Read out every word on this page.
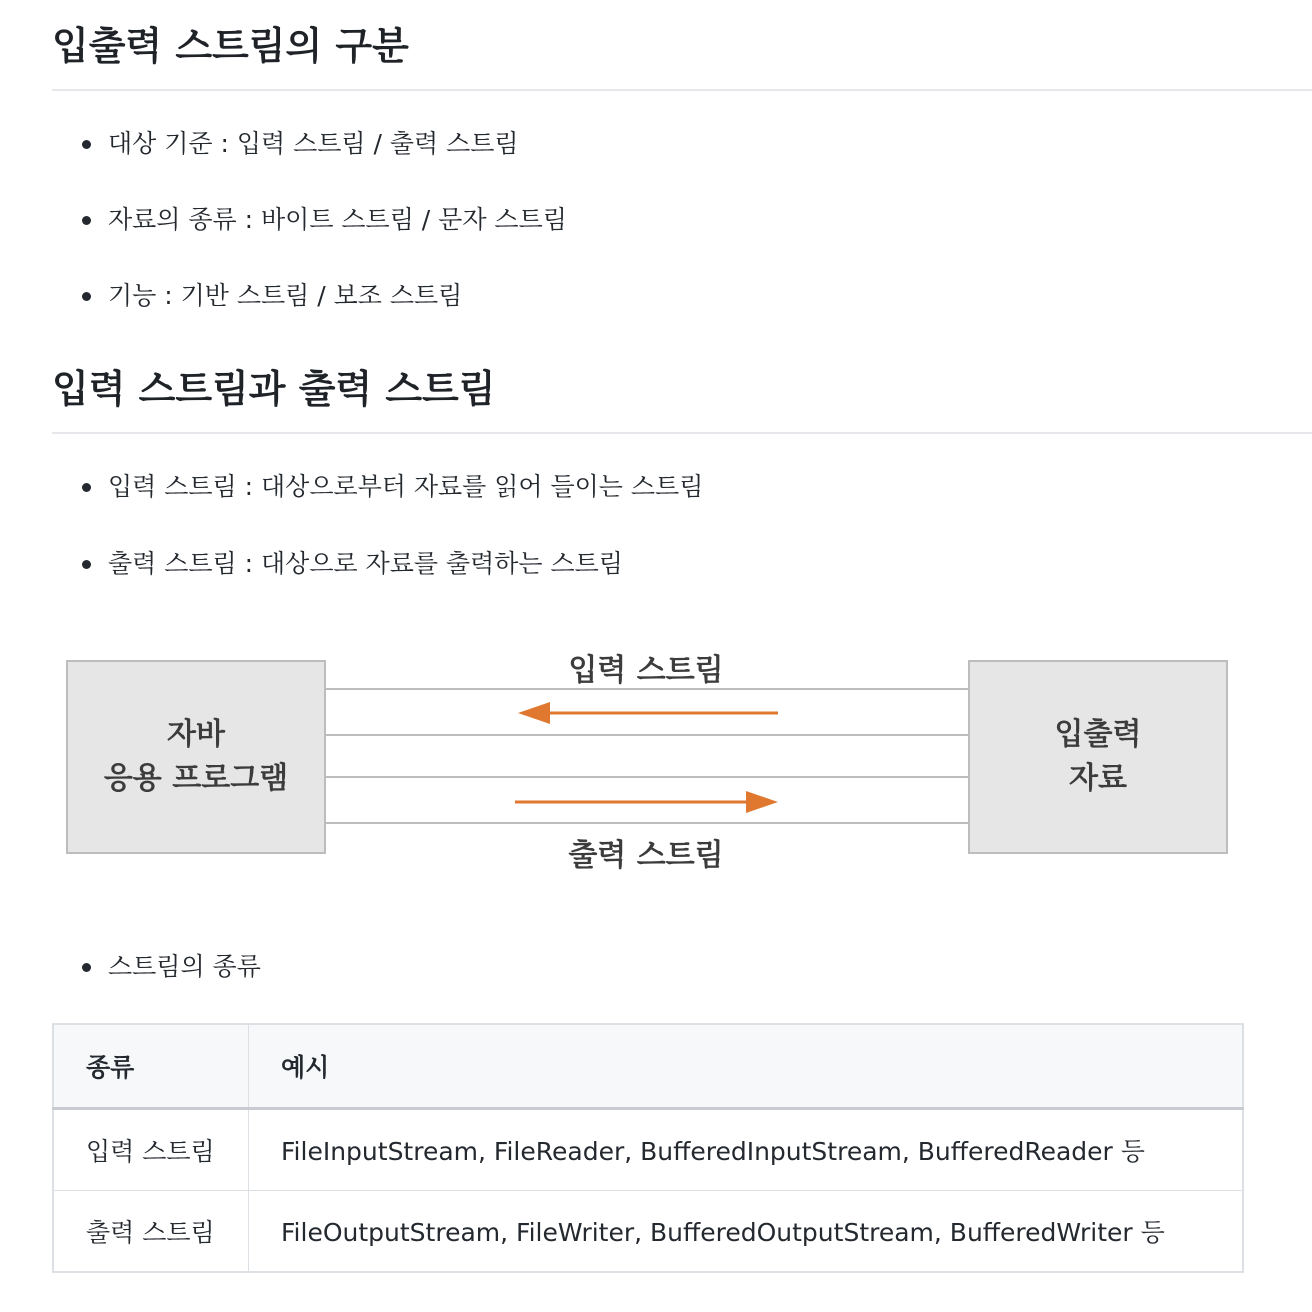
입출력 스트림의 구분
대상 기준 : 입력 스트림 / 출력 스트림
자료의 종류 : 바이트 스트림 / 문자 스트림
기능 : 기반 스트림 / 보조 스트림
입력 스트림과 출력 스트림
입력 스트림 : 대상으로부터 자료를 읽어 들이는 스트림
출력 스트림 : 대상으로 자료를 출력하는 스트림
자바
응용 프로그램
입출력
자료
입력 스트림
출력 스트림
스트림의 종류
종류	예시
입력 스트림	FileInputStream, FileReader, BufferedInputStream, BufferedReader 등
출력 스트림	FileOutputStream, FileWriter, BufferedOutputStream, BufferedWriter 등
